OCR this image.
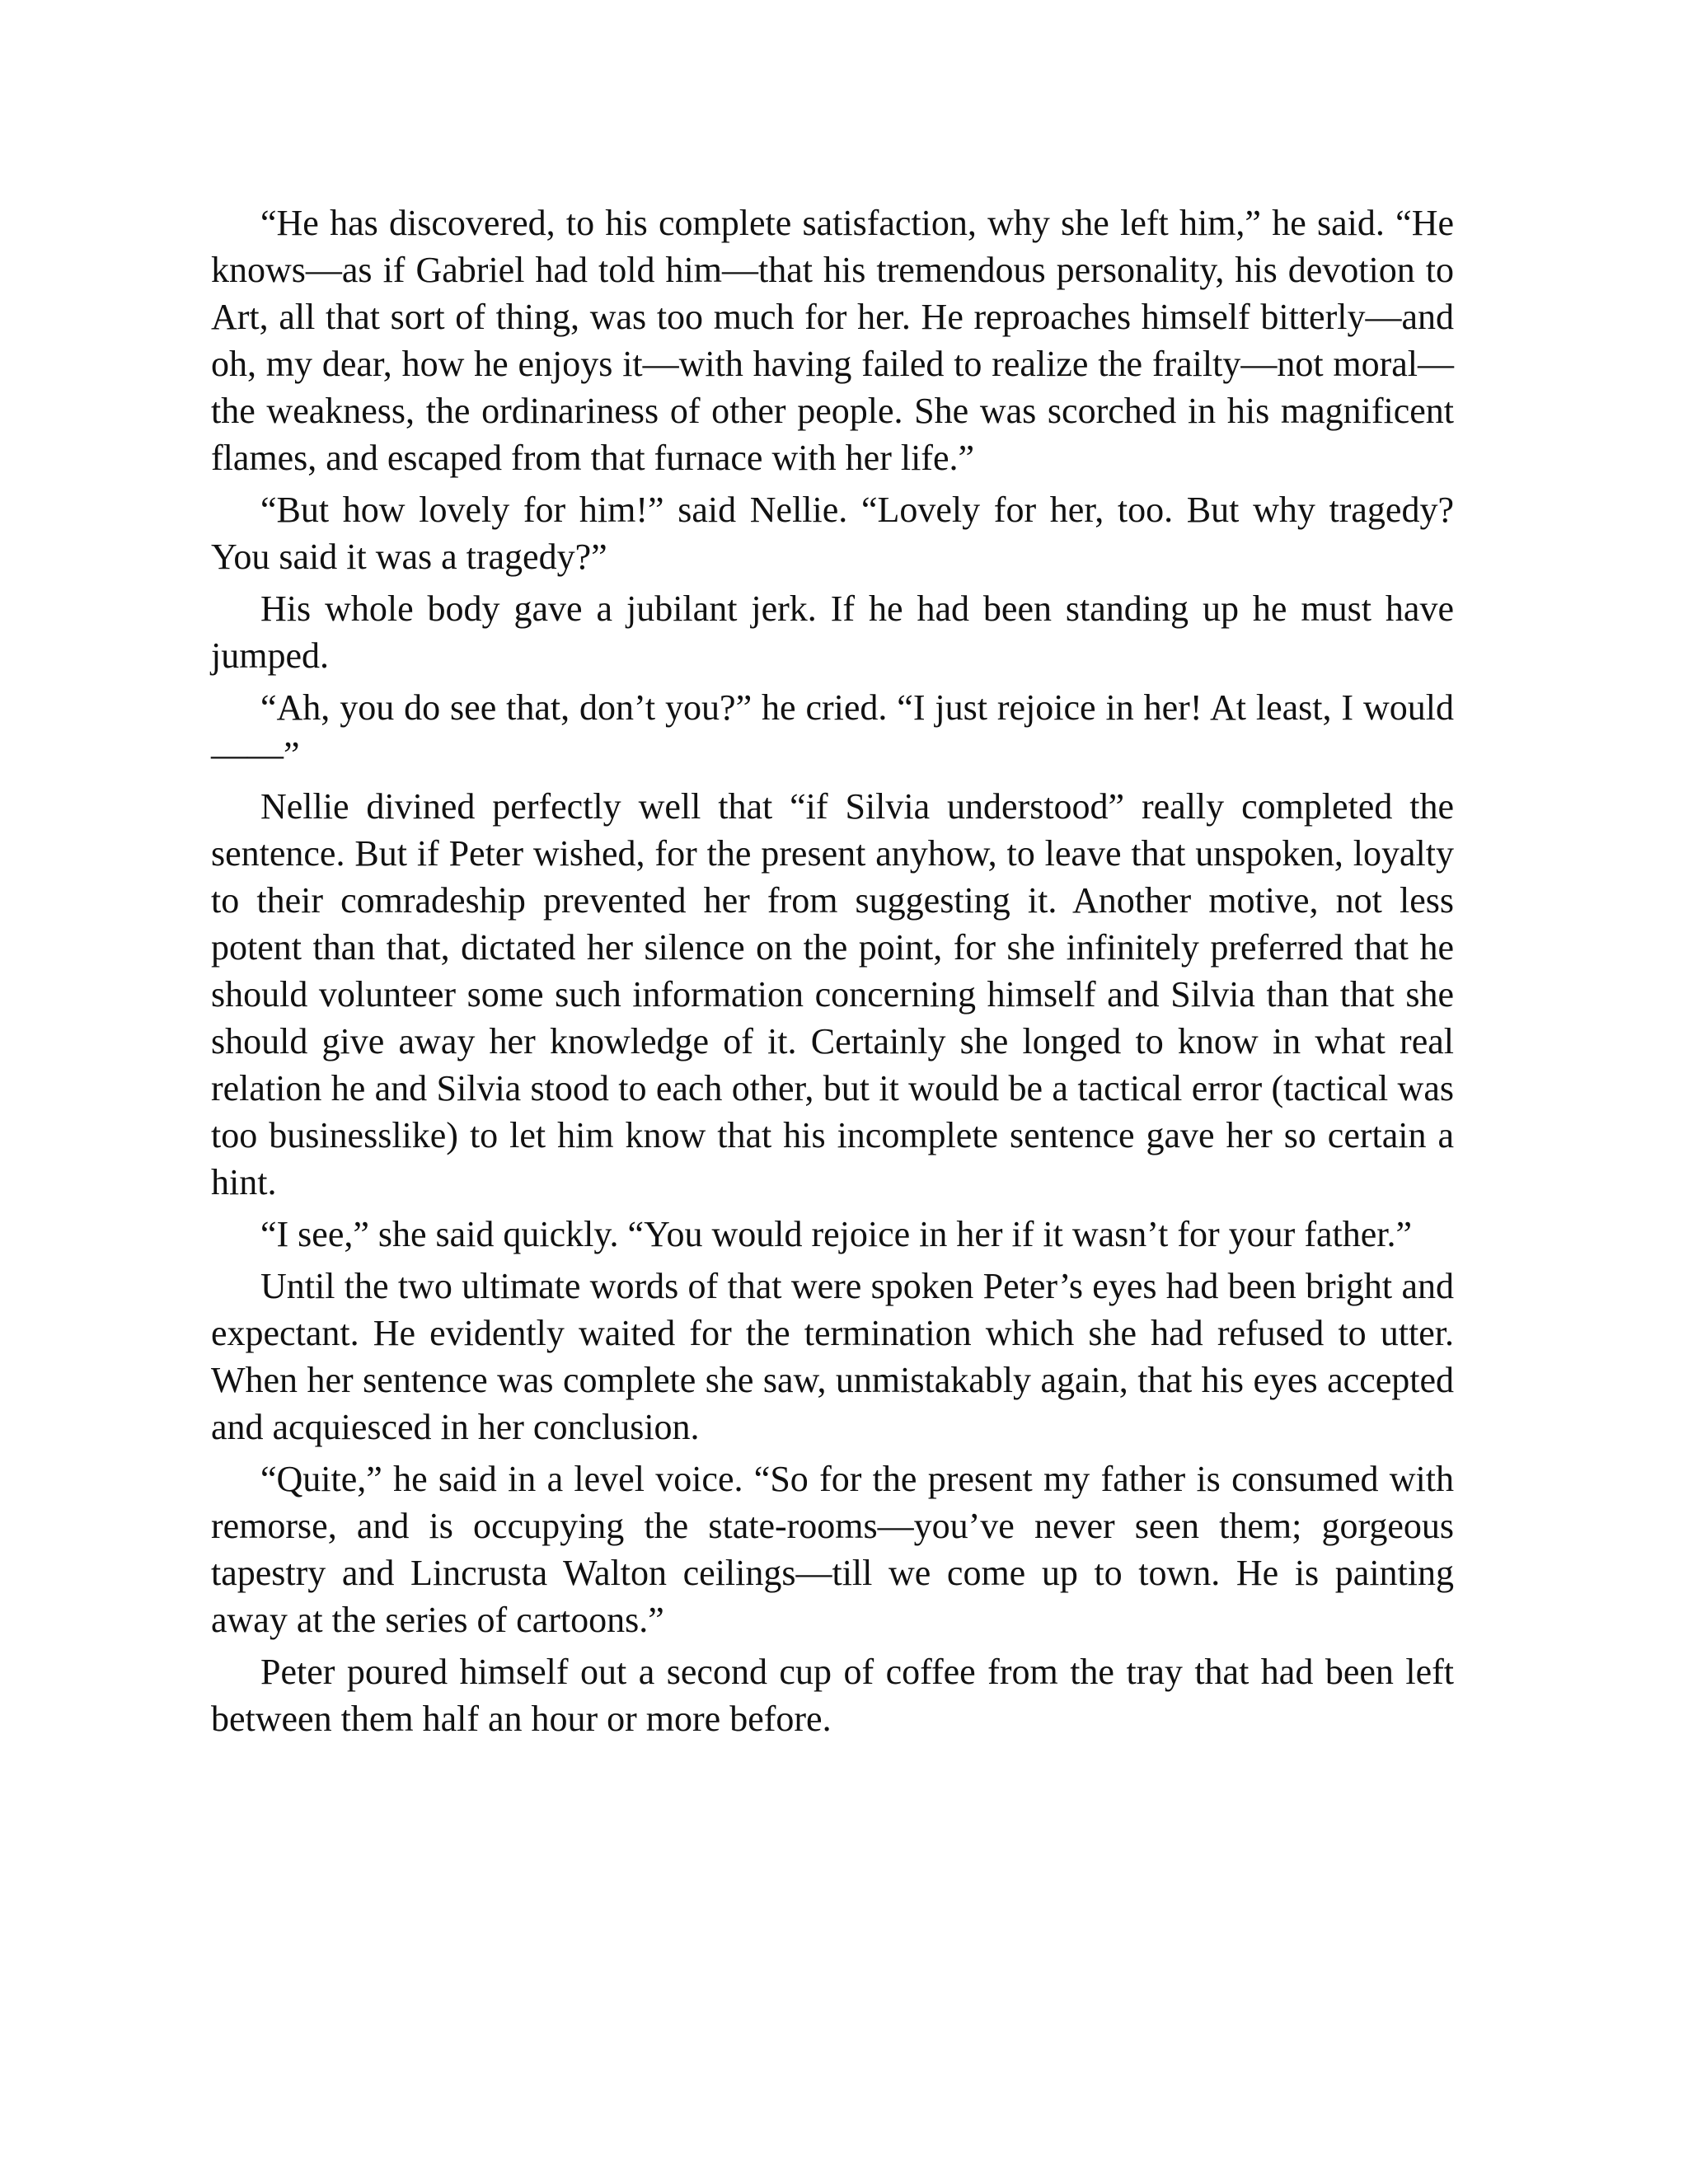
“He has discovered, to his complete satisfaction, why she left him,” he said. “He knows—as if Gabriel had told him—that his tremendous personality, his devotion to Art, all that sort of thing, was too much for her. He reproaches himself bitterly—and oh, my dear, how he enjoys it—with having failed to realize the frailty—not moral—the weakness, the ordinariness of other people. She was scorched in his magnificent flames, and escaped from that furnace with her life.”

“But how lovely for him!” said Nellie. “Lovely for her, too. But why tragedy? You said it was a tragedy?”

His whole body gave a jubilant jerk. If he had been standing up he must have jumped.

“Ah, you do see that, don’t you?” he cried. “I just rejoice in her! At least, I would——”

Nellie divined perfectly well that “if Silvia understood” really completed the sentence. But if Peter wished, for the present anyhow, to leave that unspoken, loyalty to their comradeship prevented her from suggesting it. Another motive, not less potent than that, dictated her silence on the point, for she infinitely preferred that he should volunteer some such information concerning himself and Silvia than that she should give away her knowledge of it. Certainly she longed to know in what real relation he and Silvia stood to each other, but it would be a tactical error (tactical was too businesslike) to let him know that his incomplete sentence gave her so certain a hint.

“I see,” she said quickly. “You would rejoice in her if it wasn’t for your father.”

Until the two ultimate words of that were spoken Peter’s eyes had been bright and expectant. He evidently waited for the termination which she had refused to utter. When her sentence was complete she saw, unmistakably again, that his eyes accepted and acquiesced in her conclusion.

“Quite,” he said in a level voice. “So for the present my father is consumed with remorse, and is occupying the state-rooms—you’ve never seen them; gorgeous tapestry and Lincrusta Walton ceilings—till we come up to town. He is painting away at the series of cartoons.”

Peter poured himself out a second cup of coffee from the tray that had been left between them half an hour or more before.
